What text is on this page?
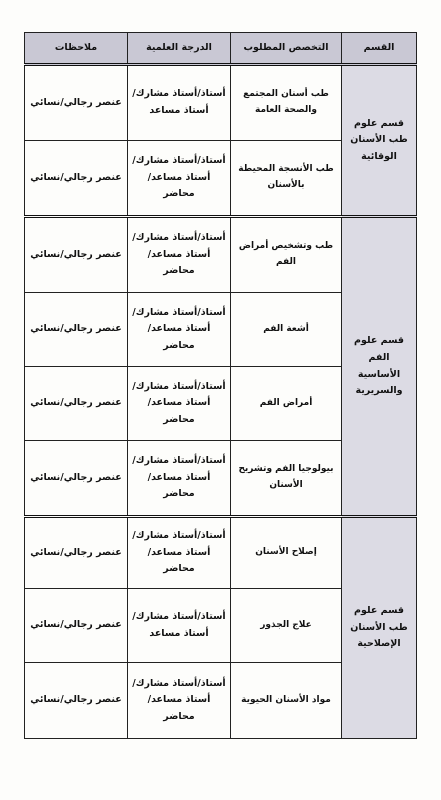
القسم	التخصص المطلوب	الدرجة العلمية	ملاحظات
قسم علوم طب الأسنان الوقائية	طب أسنان المجتمع والصحة العامة	أستاذ/أستاذ مشارك/ أستاذ مساعد	عنصر رجالي/نسائي
	طب الأنسجة المحيطة بالأسنان	أستاذ/أستاذ مشارك/ أستاذ مساعد/ محاضر	عنصر رجالي/نسائي
قسم علوم الفم الأساسية والسريرية	طب وتشخيص أمراض الفم	أستاذ/أستاذ مشارك/ أستاذ مساعد/ محاضر	عنصر رجالي/نسائي
	أشعة الفم	أستاذ/أستاذ مشارك/ أستاذ مساعد/ محاضر	عنصر رجالي/نسائي
	أمراض الفم	أستاذ/أستاذ مشارك/ أستاذ مساعد/ محاضر	عنصر رجالي/نسائي
	بيولوجيا الفم وتشريح الأسنان	أستاذ/أستاذ مشارك/ أستاذ مساعد/ محاضر	عنصر رجالي/نسائي
قسم علوم طب الأسنان الإصلاحية	إصلاح الأسنان	أستاذ/أستاذ مشارك/ أستاذ مساعد/ محاضر	عنصر رجالي/نسائي
	علاج الجذور	أستاذ/أستاذ مشارك/ أستاذ مساعد	عنصر رجالي/نسائي
	مواد الأسنان الحيوية	أستاذ/أستاذ مشارك/ أستاذ مساعد/ محاضر	عنصر رجالي/نسائي
